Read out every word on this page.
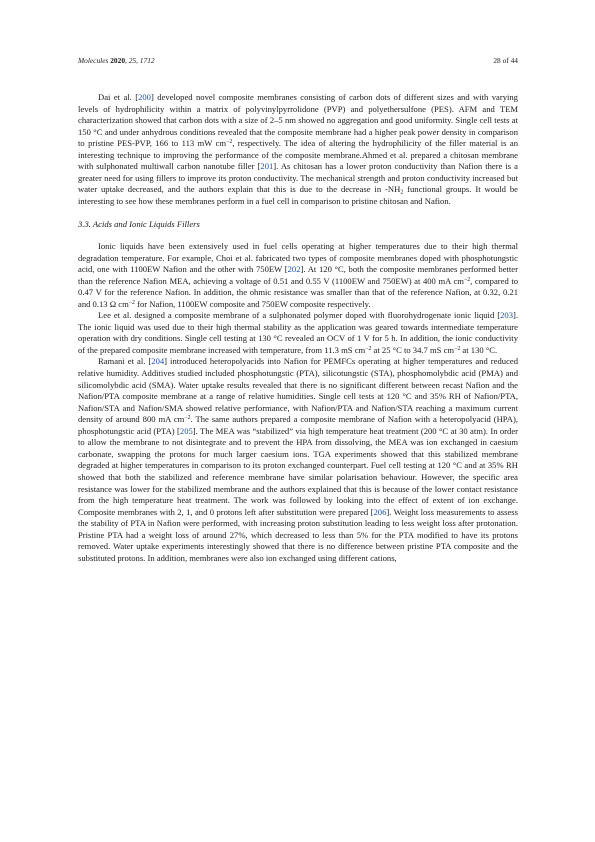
Molecules 2020, 25, 1712	28 of 44

Dai et al. [200] developed novel composite membranes consisting of carbon dots of different sizes and with varying levels of hydrophilicity within a matrix of polyvinylpyrrolidone (PVP) and polyethersulfone (PES). AFM and TEM characterization showed that carbon dots with a size of 2–5 nm showed no aggregation and good uniformity. Single cell tests at 150 °C and under anhydrous conditions revealed that the composite membrane had a higher peak power density in comparison to pristine PES-PVP, 166 to 113 mW $cm^{-2}$, respectively. The idea of altering the hydrophilicity of the filler material is an interesting technique to improving the performance of the composite membrane.Ahmed et al. prepared a chitosan membrane with sulphonated multiwall carbon nanotube filler [201]. As chitosan has a lower proton conductivity than Nafion there is a greater need for using fillers to improve its proton conductivity. The mechanical strength and proton conductivity increased but water uptake decreased, and the authors explain that this is due to the decrease in $-NH_2$ functional groups. It would be interesting to see how these membranes perform in a fuel cell in comparison to pristine chitosan and Nafion.

3.3. Acids and Ionic Liquids Fillers

Ionic liquids have been extensively used in fuel cells operating at higher temperatures due to their high thermal degradation temperature. For example, Choi et al. fabricated two types of composite membranes doped with phosphotungstic acid, one with 1100EW Nafion and the other with 750EW [202]. At 120 °C, both the composite membranes performed better than the reference Nafion MEA, achieving a voltage of 0.51 and 0.55 V (1100EW and 750EW) at 400 mA $cm^{-2}$, compared to 0.47 V for the reference Nafion. In addition, the ohmic resistance was smaller than that of the reference Nafion, at 0.32, 0.21 and 0.13 Ω $cm^{-2}$ for Nafion, 1100EW composite and 750EW composite respectively.

Lee et al. designed a composite membrane of a sulphonated polymer doped with fluorohydrogenate ionic liquid [203]. The ionic liquid was used due to their high thermal stability as the application was geared towards intermediate temperature operation with dry conditions. Single cell testing at 130 °C revealed an OCV of 1 V for 5 h. In addition, the ionic conductivity of the prepared composite membrane increased with temperature, from 11.3 mS $cm^{-2}$ at 25 °C to 34.7 mS $cm^{-2}$ at 130 °C.

Ramani et al. [204] introduced heteropolyacids into Nafion for PEMFCs operating at higher temperatures and reduced relative humidity. Additives studied included phosphotungstic (PTA), silicotungstic (STA), phosphomolybdic acid (PMA) and silicomolybdic acid (SMA). Water uptake results revealed that there is no significant different between recast Nafion and the Nafion/PTA composite membrane at a range of relative humidities. Single cell tests at 120 °C and 35% RH of Nafion/PTA, Nafion/STA and Nafion/SMA showed relative performance, with Nafion/PTA and Nafion/STA reaching a maximum current density of around 800 mA $cm^{-2}$. The same authors prepared a composite membrane of Nafion with a heteropolyacid (HPA), phosphotungstic acid (PTA) [205]. The MEA was “stabilized” via high temperature heat treatment (200 °C at 30 atm). In order to allow the membrane to not disintegrate and to prevent the HPA from dissolving, the MEA was ion exchanged in caesium carbonate, swapping the protons for much larger caesium ions. TGA experiments showed that this stabilized membrane degraded at higher temperatures in comparison to its proton exchanged counterpart. Fuel cell testing at 120 °C and at 35% RH showed that both the stabilized and reference membrane have similar polarisation behaviour. However, the specific area resistance was lower for the stabilized membrane and the authors explained that this is because of the lower contact resistance from the high temperature heat treatment. The work was followed by looking into the effect of extent of ion exchange. Composite membranes with 2, 1, and 0 protons left after substitution were prepared [206]. Weight loss measurements to assess the stability of PTA in Nafion were performed, with increasing proton substitution leading to less weight loss after protonation. Pristine PTA had a weight loss of around 27%, which decreased to less than 5% for the PTA modified to have its protons removed. Water uptake experiments interestingly showed that there is no difference between pristine PTA composite and the substituted protons. In addition, membranes were also ion exchanged using different cations,
